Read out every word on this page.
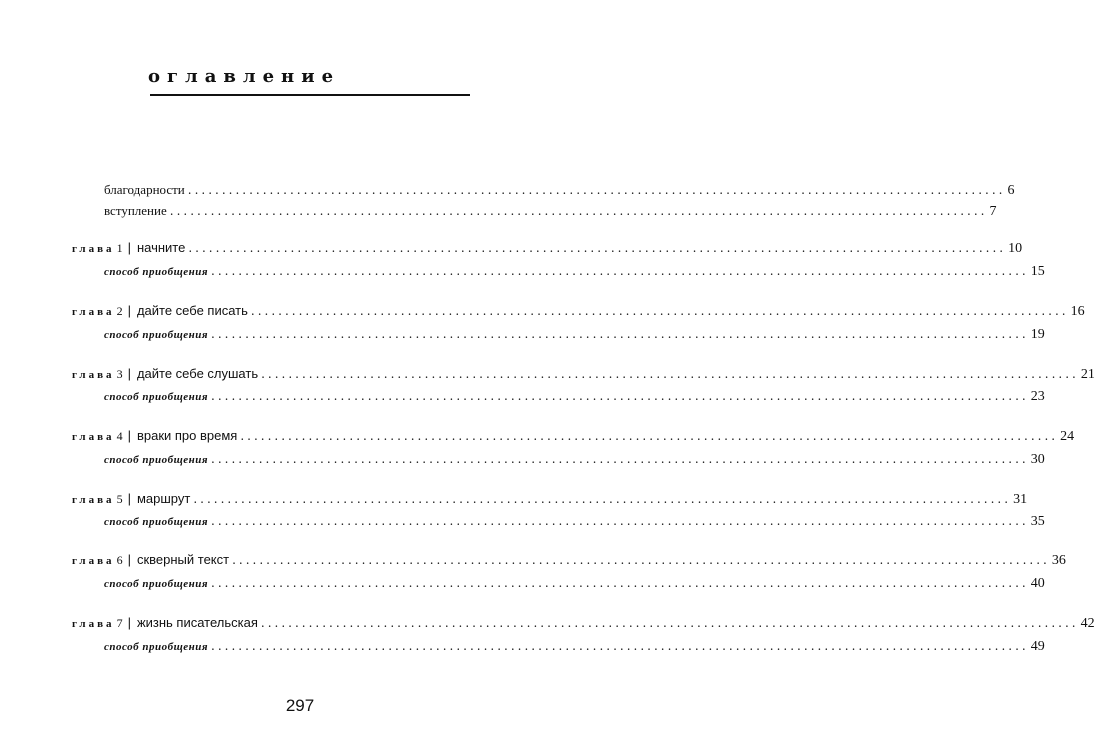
оглавление
благодарности ........................................................................................................................ 6
вступление ........................................................................................................................ 7
глава 1 | начните ........................................................................................................................ 10
способ приобщения ........................................................................................................................ 15
глава 2 | дайте себе писать ........................................................................................................................ 16
способ приобщения ........................................................................................................................ 19
глава 3 | дайте себе слушать ........................................................................................................................ 21
способ приобщения ........................................................................................................................ 23
глава 4 | враки про время ........................................................................................................................ 24
способ приобщения ........................................................................................................................ 30
глава 5 | маршрут ........................................................................................................................ 31
способ приобщения ........................................................................................................................ 35
глава 6 | скверный текст ........................................................................................................................ 36
способ приобщения ........................................................................................................................ 40
глава 7 | жизнь писательская ........................................................................................................................ 42
способ приобщения ........................................................................................................................ 49
297
